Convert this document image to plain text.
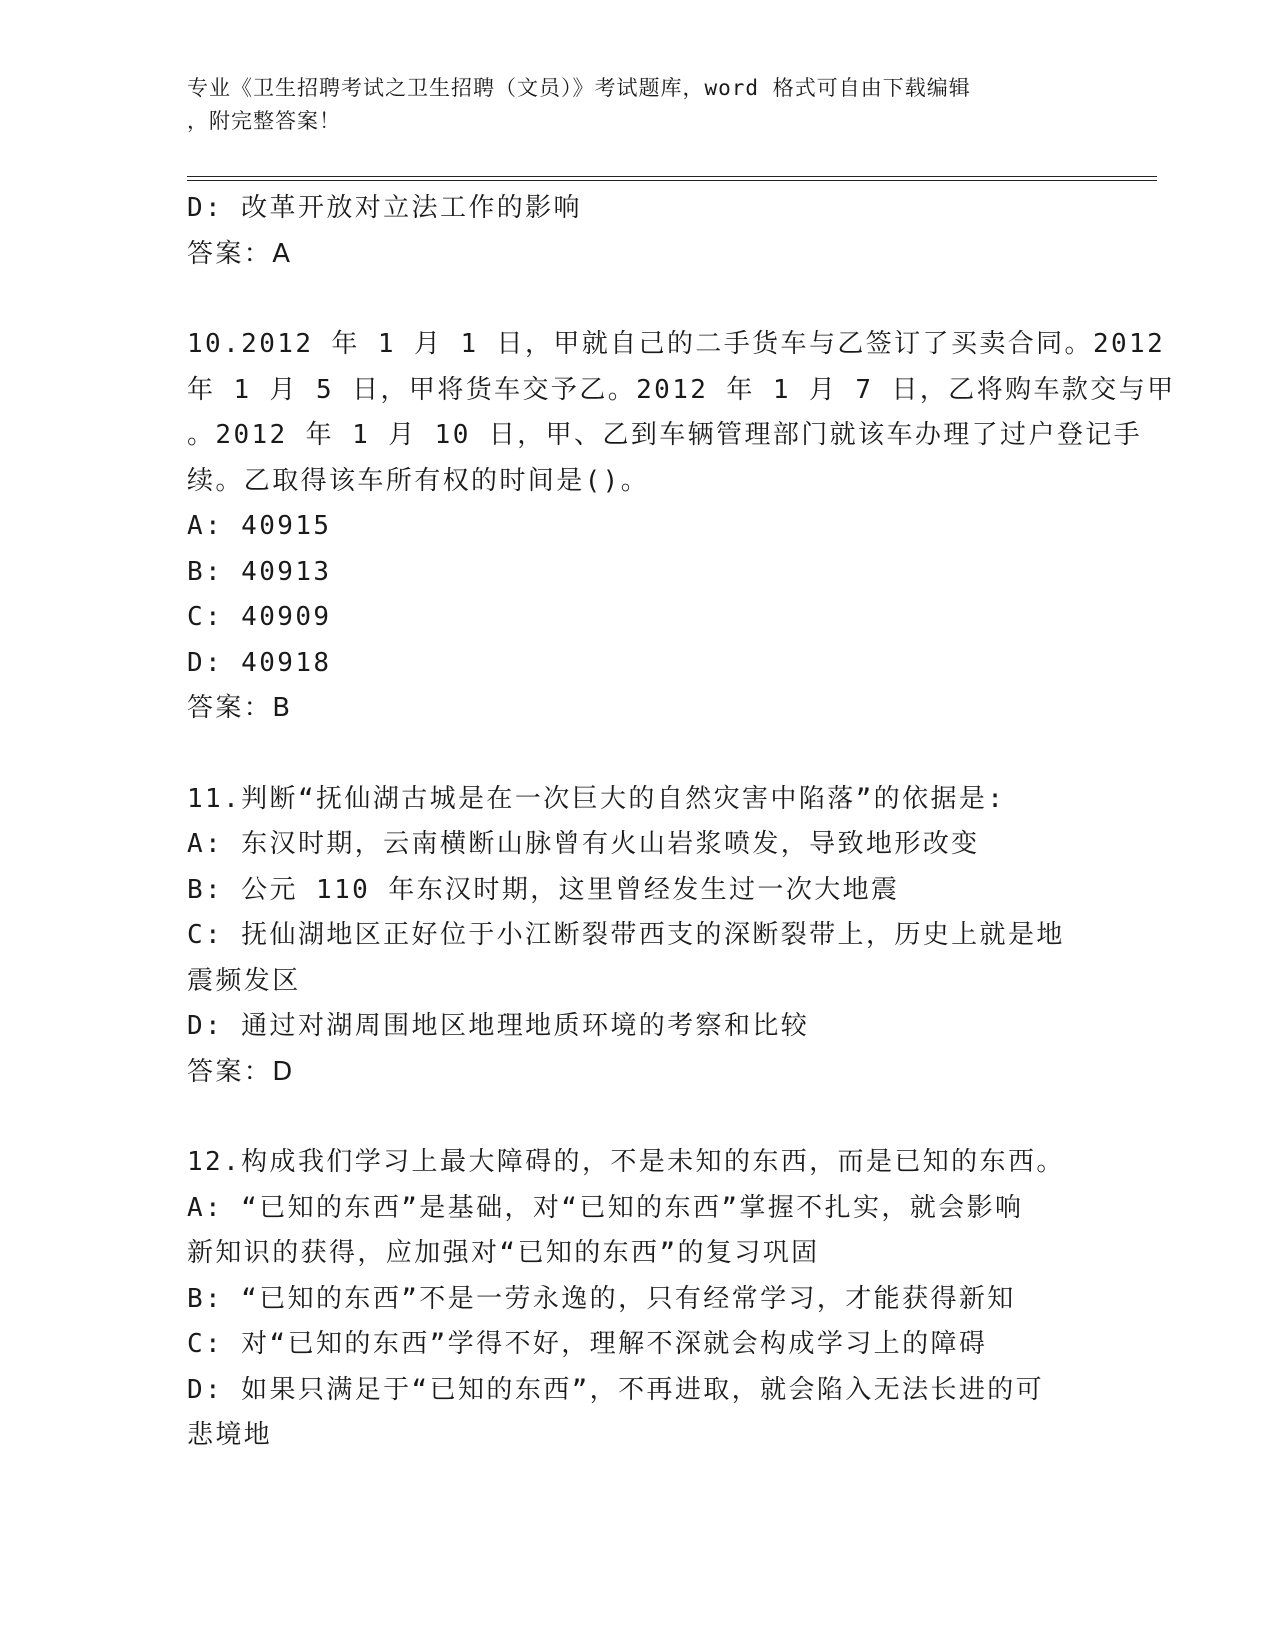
专业《卫生招聘考试之卫生招聘（文员）》考试题库，word 格式可自由下载编辑
，附完整答案！
D: 改革开放对立法工作的影响
答案：A
10.2012 年 1 月 1 日，甲就自己的二手货车与乙签订了买卖合同。2012
年 1 月 5 日，甲将货车交予乙。2012 年 1 月 7 日，乙将购车款交与甲
。2012 年 1 月 10 日，甲、乙到车辆管理部门就该车办理了过户登记手
续。乙取得该车所有权的时间是()。
A: 40915
B: 40913
C: 40909
D: 40918
答案：B
11.判断“抚仙湖古城是在一次巨大的自然灾害中陷落”的依据是:
A: 东汉时期，云南横断山脉曾有火山岩浆喷发，导致地形改变
B: 公元 110 年东汉时期，这里曾经发生过一次大地震
C: 抚仙湖地区正好位于小江断裂带西支的深断裂带上，历史上就是地
震频发区
D: 通过对湖周围地区地理地质环境的考察和比较
答案：D
12.构成我们学习上最大障碍的，不是未知的东西，而是已知的东西。
A: “已知的东西”是基础，对“已知的东西”掌握不扎实，就会影响
新知识的获得，应加强对“已知的东西”的复习巩固
B: “已知的东西”不是一劳永逸的，只有经常学习，才能获得新知
C: 对“已知的东西”学得不好，理解不深就会构成学习上的障碍
D: 如果只满足于“已知的东西”，不再进取，就会陷入无法长进的可
悲境地
